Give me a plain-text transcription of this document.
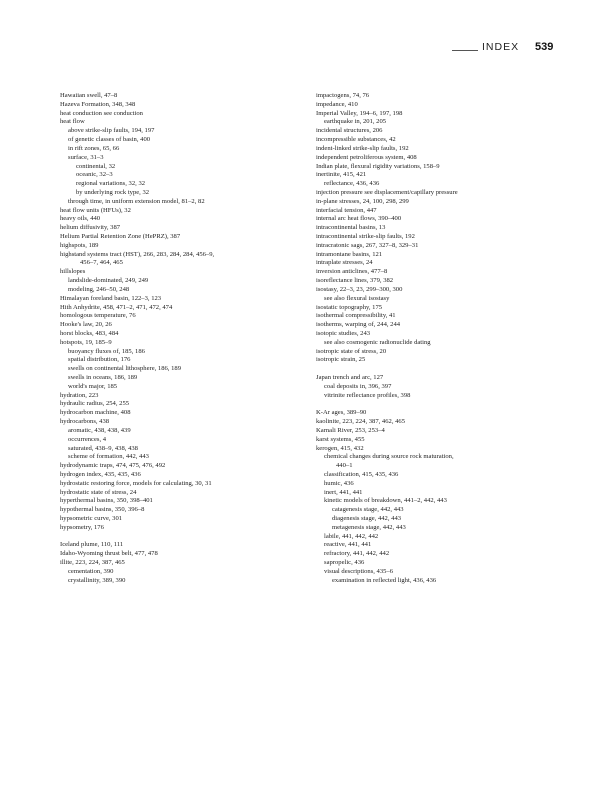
INDEX 539
Hawaiian swell, 47–8
Hazeva Formation, 348, 348
heat conduction see conduction
heat flow
above strike-slip faults, 194, 197
of genetic classes of basin, 400
in rift zones, 65, 66
surface, 31–3
continental, 32
oceanic, 32–3
regional variations, 32, 32
by underlying rock type, 32
through time, in uniform extension model, 81–2, 82
heat flow units (HFUs), 32
heavy oils, 440
helium diffusivity, 387
Helium Partial Retention Zone (HePRZ), 387
highspots, 189
highstand systems tract (HST), 266, 283, 284, 284, 456–9,
456–7, 464, 465
hillslopes
landslide-dominated, 249, 249
modeling, 246–50, 248
Himalayan foreland basin, 122–3, 123
Hith Anhydrite, 458, 471–2, 471, 472, 474
homologous temperature, 76
Hooke's law, 20, 26
horst blocks, 483, 484
hotspots, 19, 185–9
buoyancy fluxes of, 185, 186
spatial distribution, 176
swells on continental lithosphere, 186, 189
swells in oceans, 186, 189
world's major, 185
hydration, 223
hydraulic radius, 254, 255
hydrocarbon machine, 408
hydrocarbons, 438
aromatic, 438, 438, 439
occurrences, 4
saturated, 438–9, 438, 438
scheme of formation, 442, 443
hydrodynamic traps, 474, 475, 476, 492
hydrogen index, 435, 435, 436
hydrostatic restoring force, models for calculating, 30, 31
hydrostatic state of stress, 24
hyperthermal basins, 350, 398–401
hypothermal basins, 350, 396–8
hypsometric curve, 301
hypsometry, 176
Iceland plume, 110, 111
Idaho-Wyoming thrust belt, 477, 478
illite, 223, 224, 387, 465
cementation, 390
crystallinity, 389, 390
impactogens, 74, 76
impedance, 410
Imperial Valley, 194–6, 197, 198
earthquake in, 201, 205
incidental structures, 206
incompressible substances, 42
indent-linked strike-slip faults, 192
independent petroliferous system, 408
Indian plate, flexural rigidity variations, 158–9
inertinite, 415, 421
reflectance, 436, 436
injection pressure see displacement/capillary pressure
in-plane stresses, 24, 100, 298, 299
interfacial tension, 447
internal arc heat flows, 390–400
intracontinental basins, 13
intracontinental strike-slip faults, 192
intracratonic sags, 267, 327–8, 329–31
intramontane basins, 121
intraplate stresses, 24
inversion anticlines, 477–8
isoreflectance lines, 379, 382
isostasy, 22–3, 23, 299–300, 300
see also flexural isostasy
isostatic topography, 175
isothermal compressibility, 41
isotherms, warping of, 244, 244
isotopic studies, 243
see also cosmogenic radionuclide dating
isotropic state of stress, 20
isotropic strain, 25
Japan trench and arc, 127
coal deposits in, 396, 397
vitrinite reflectance profiles, 398
K-Ar ages, 389–90
kaolinite, 223, 224, 387, 462, 465
Karnali River, 253, 253–4
karst systems, 455
kerogen, 415, 432
chemical changes during source rock maturation,
440–1
classification, 415, 435, 436
humic, 436
inert, 441, 441
kinetic models of breakdown, 441–2, 442, 443
catagenesis stage, 442, 443
diagenesis stage, 442, 443
metagenesis stage, 442, 443
labile, 441, 442, 442
reactive, 441, 441
refractory, 441, 442, 442
sapropelic, 436
visual descriptions, 435–6
examination in reflected light, 436, 436
